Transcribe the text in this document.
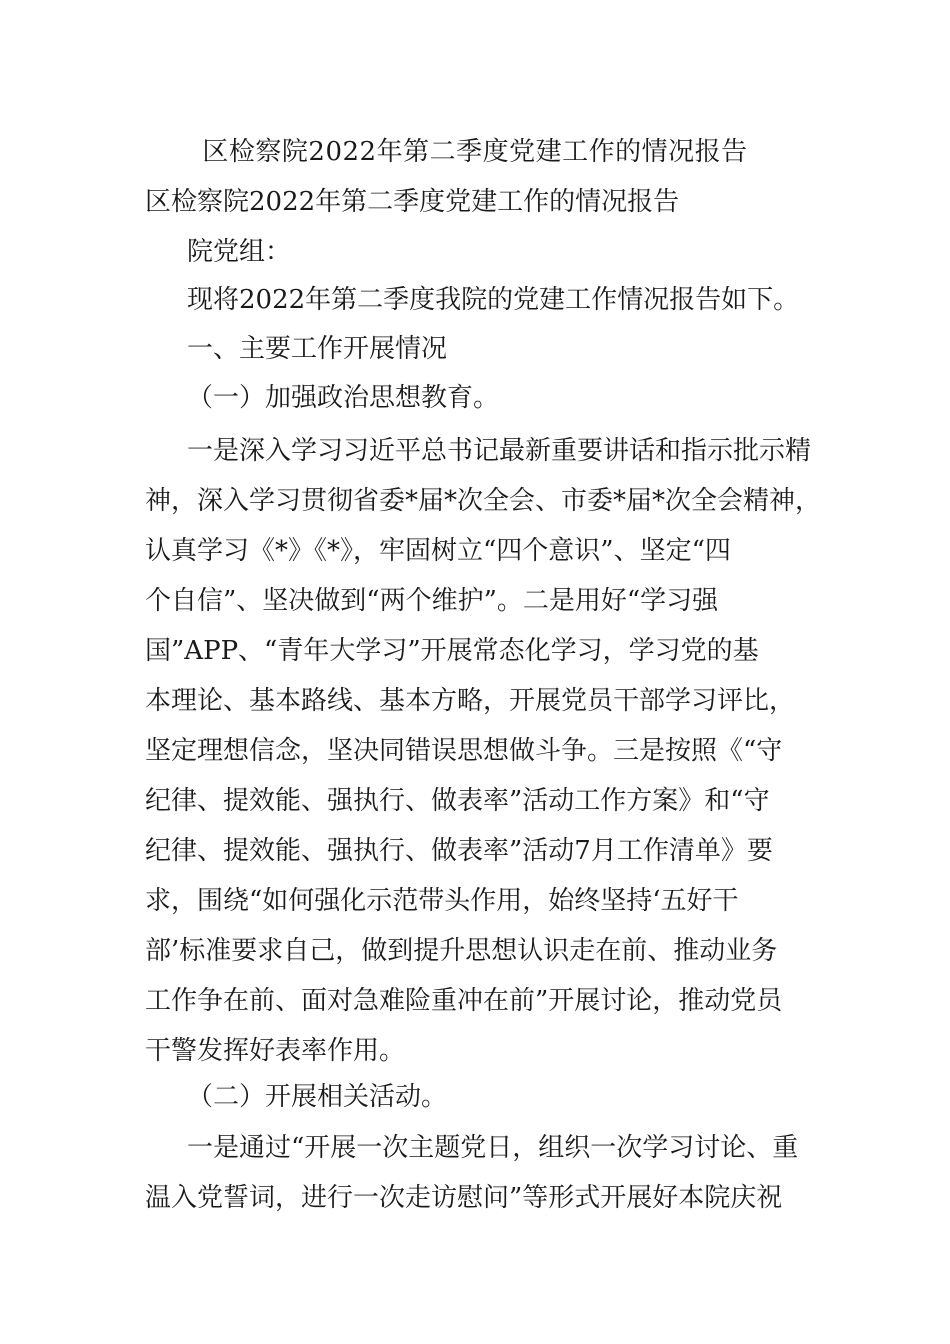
区检察院2022年第二季度党建工作的情况报告

区检察院2022年第二季度党建工作的情况报告

院党组：

现将2022年第二季度我院的党建工作情况报告如下。

一、主要工作开展情况

（一）加强政治思想教育。

一是深入学习习近平总书记最新重要讲话和指示批示精
神，深入学习贯彻省委*届*次全会、市委*届*次全会精神，
认真学习《*》《*》，牢固树立“四个意识”、坚定“四
个自信”、坚决做到“两个维护”。二是用好“学习强
国”APP、“青年大学习”开展常态化学习，学习党的基
本理论、基本路线、基本方略，开展党员干部学习评比，
坚定理想信念，坚决同错误思想做斗争。三是按照《“守
纪律、提效能、强执行、做表率”活动工作方案》和“守
纪律、提效能、强执行、做表率”活动7月工作清单》要
求，围绕“如何强化示范带头作用，始终坚持‘五好干
部’标准要求自己，做到提升思想认识走在前、推动业务
工作争在前、面对急难险重冲在前”开展讨论，推动党员
干警发挥好表率作用。

（二）开展相关活动。

一是通过“开展一次主题党日，组织一次学习讨论、重
温入党誓词，进行一次走访慰问”等形式开展好本院庆祝
